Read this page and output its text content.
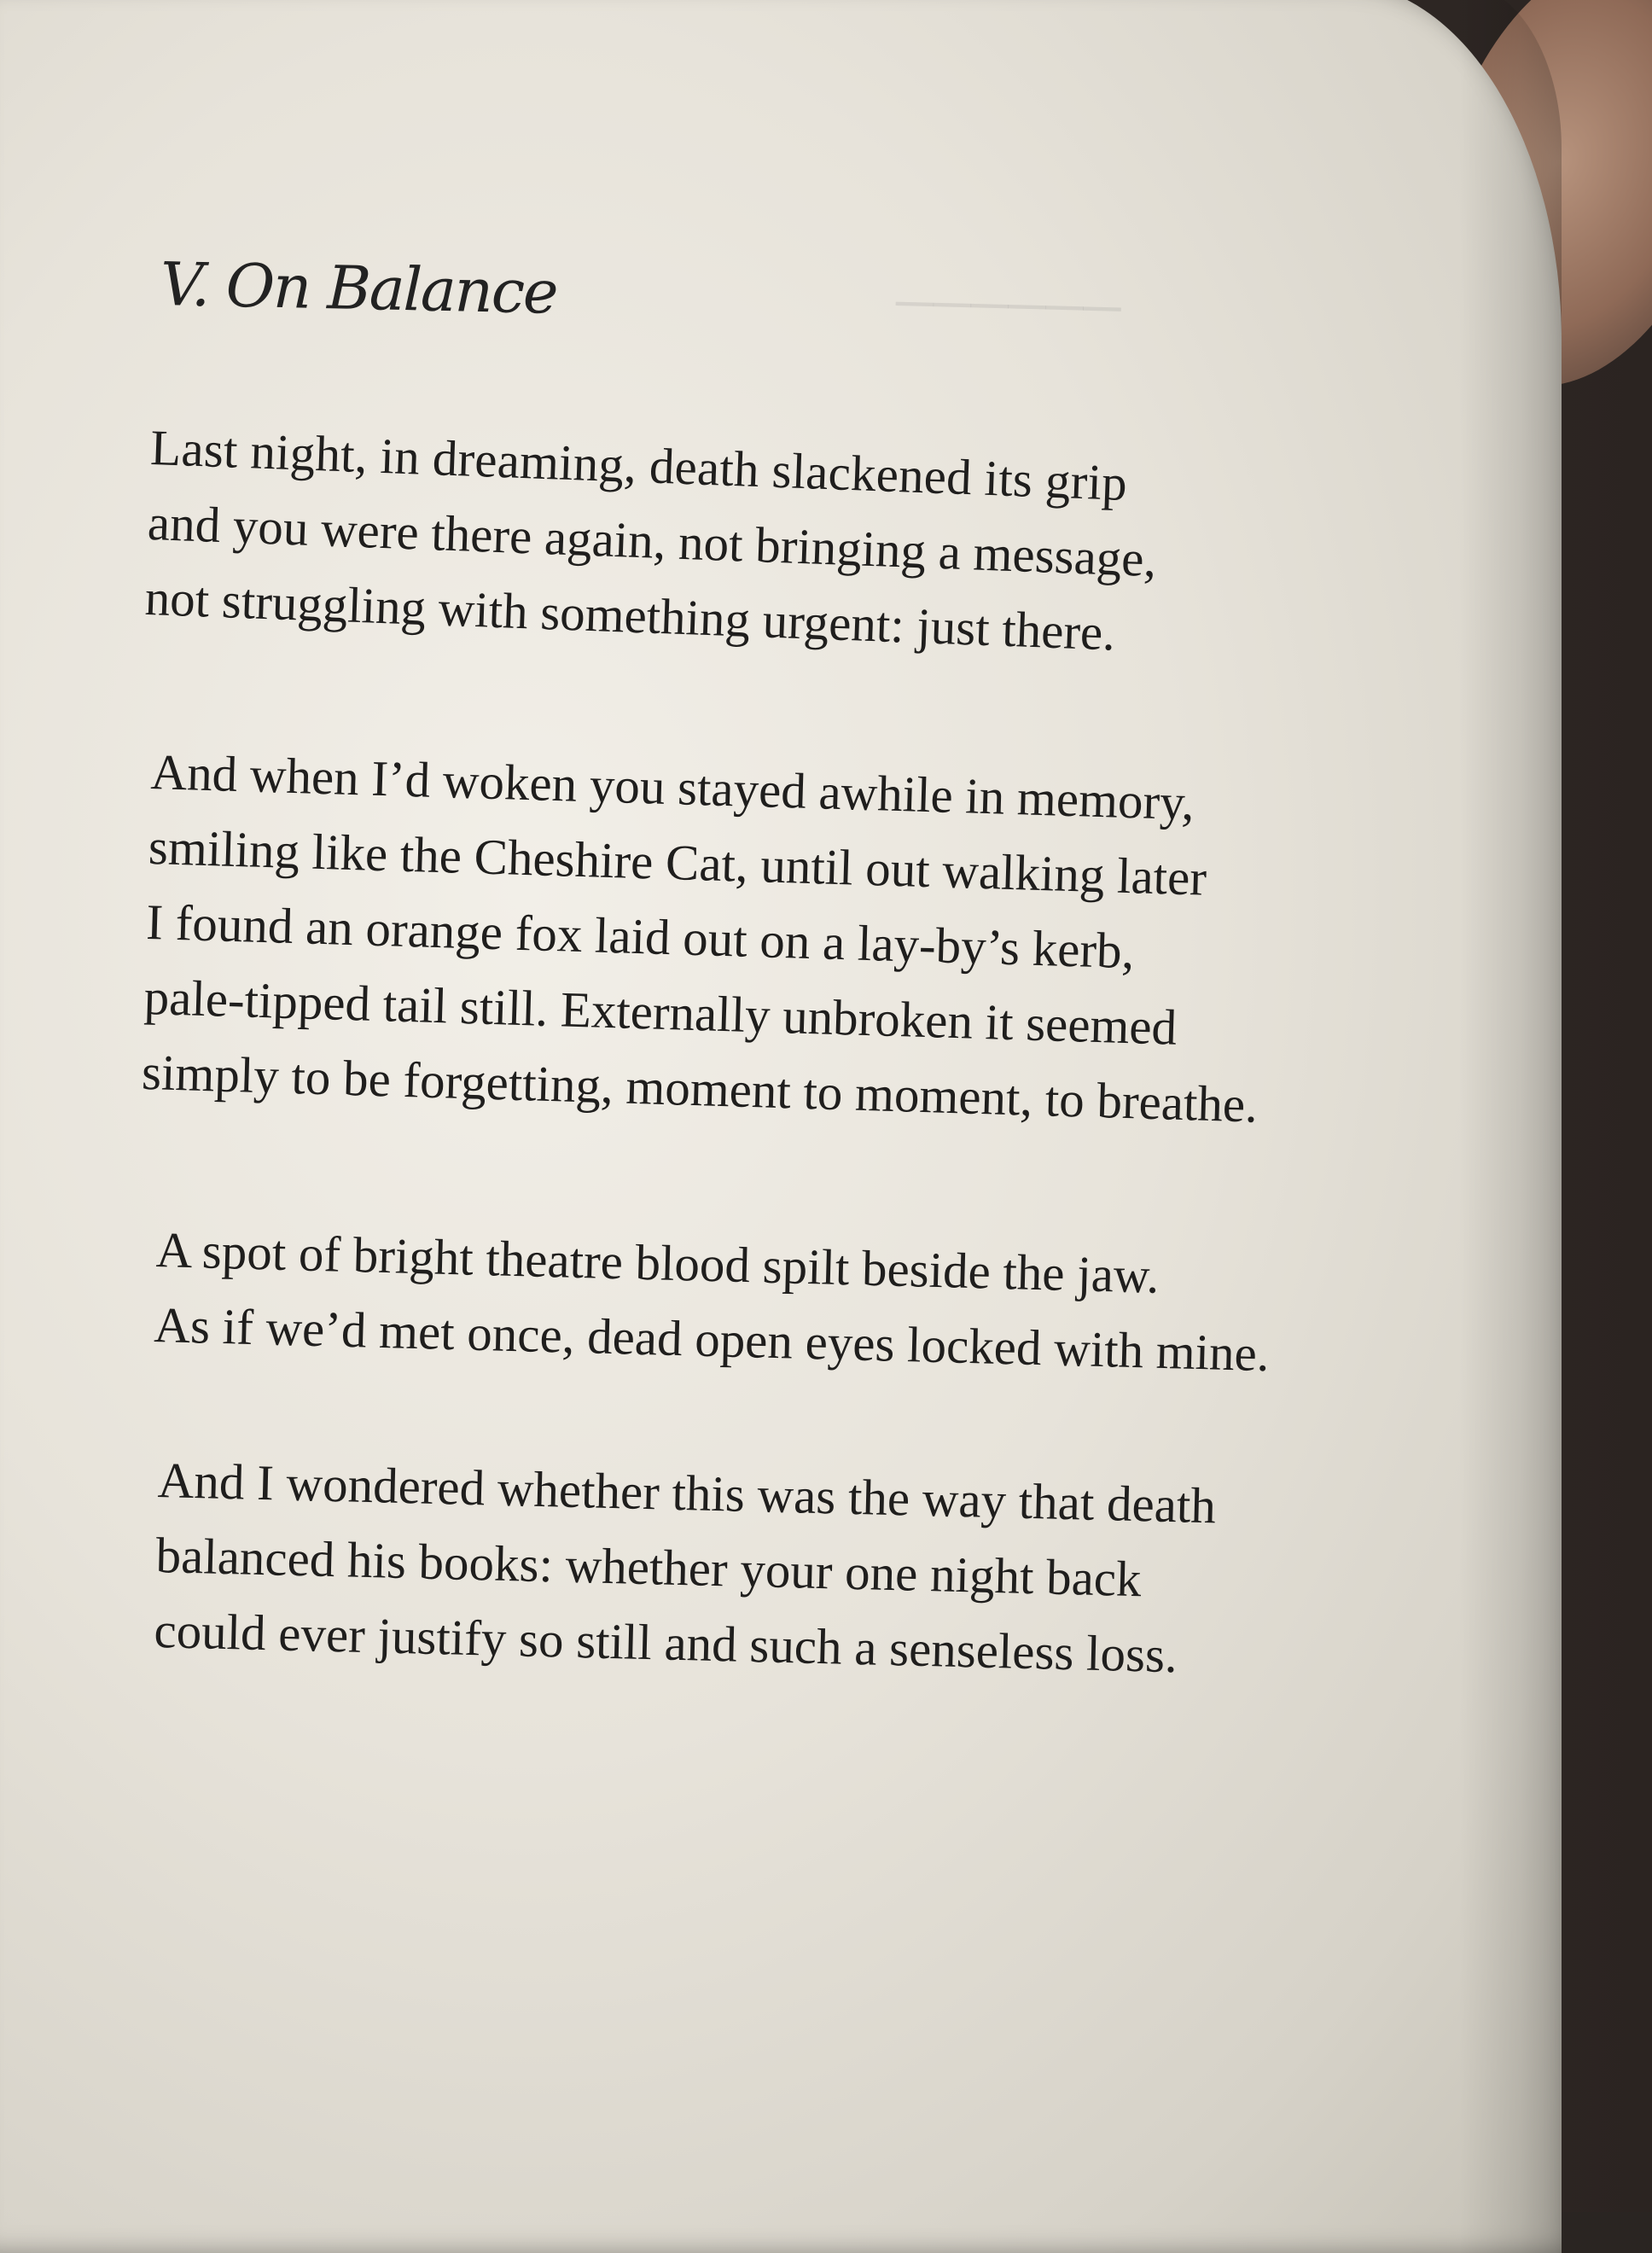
──────
V. On Balance
Last night, in dreaming, death slackened its grip
and you were there again, not bringing a message,
not struggling with something urgent: just there.
And when I’d woken you stayed awhile in memory,
smiling like the Cheshire Cat, until out walking later
I found an orange fox laid out on a lay-by’s kerb,
pale-tipped tail still. Externally unbroken it seemed
simply to be forgetting, moment to moment, to breathe.
A spot of bright theatre blood spilt beside the jaw.
As if we’d met once, dead open eyes locked with mine.
And I wondered whether this was the way that death
balanced his books: whether your one night back
could ever justify so still and such a senseless loss.
